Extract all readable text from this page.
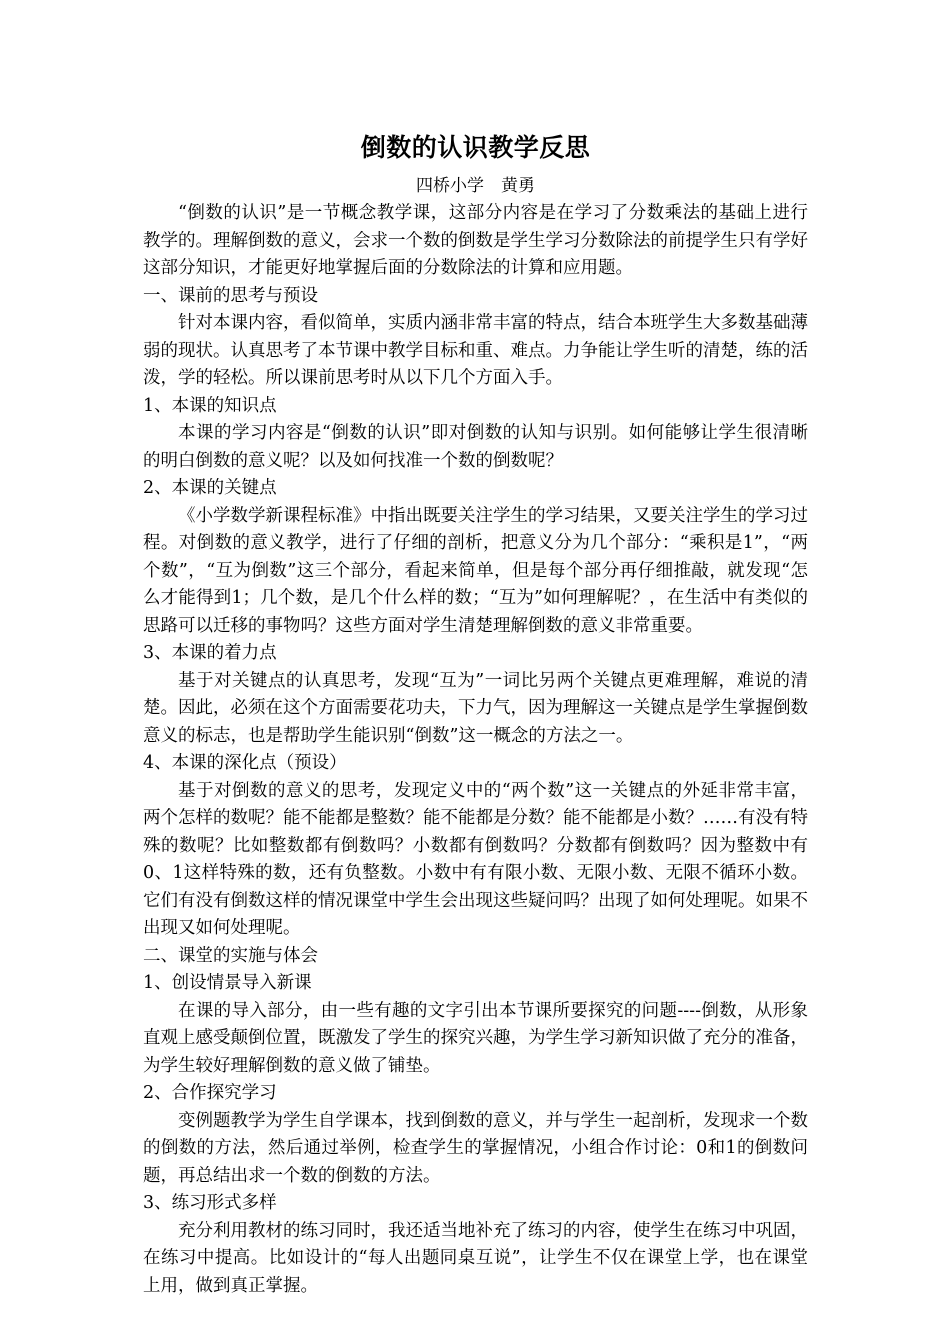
倒数的认识教学反思

四桥小学　黄勇

“倒数的认识”是一节概念教学课，这部分内容是在学习了分数乘法的基础上进行教学的。理解倒数的意义，会求一个数的倒数是学生学习分数除法的前提学生只有学好这部分知识，才能更好地掌握后面的分数除法的计算和应用题。

一、课前的思考与预设

针对本课内容，看似简单，实质内涵非常丰富的特点，结合本班学生大多数基础薄弱的现状。认真思考了本节课中教学目标和重、难点。力争能让学生听的清楚，练的活泼，学的轻松。所以课前思考时从以下几个方面入手。

1、本课的知识点

本课的学习内容是“倒数的认识”即对倒数的认知与识别。如何能够让学生很清晰的明白倒数的意义呢？以及如何找准一个数的倒数呢？

2、本课的关键点

《小学数学新课程标准》中指出既要关注学生的学习结果，又要关注学生的学习过程。对倒数的意义教学，进行了仔细的剖析，把意义分为几个部分：“乘积是1”，“两个数”，“互为倒数”这三个部分，看起来简单，但是每个部分再仔细推敲，就发现“怎么才能得到1；几个数，是几个什么样的数；“互为”如何理解呢？，在生活中有类似的思路可以迁移的事物吗？这些方面对学生清楚理解倒数的意义非常重要。

3、本课的着力点

基于对关键点的认真思考，发现“互为”一词比另两个关键点更难理解，难说的清楚。因此，必须在这个方面需要花功夫，下力气，因为理解这一关键点是学生掌握倒数意义的标志，也是帮助学生能识别“倒数”这一概念的方法之一。

4、本课的深化点（预设）

基于对倒数的意义的思考，发现定义中的“两个数”这一关键点的外延非常丰富，两个怎样的数呢？能不能都是整数？能不能都是分数？能不能都是小数？……有没有特殊的数呢？比如整数都有倒数吗？小数都有倒数吗？分数都有倒数吗？因为整数中有0、1这样特殊的数，还有负整数。小数中有有限小数、无限小数、无限不循环小数。它们有没有倒数这样的情况课堂中学生会出现这些疑问吗？出现了如何处理呢。如果不出现又如何处理呢。

二、课堂的实施与体会

1、创设情景导入新课

在课的导入部分，由一些有趣的文字引出本节课所要探究的问题----倒数，从形象直观上感受颠倒位置，既激发了学生的探究兴趣，为学生学习新知识做了充分的准备，为学生较好理解倒数的意义做了铺垫。

2、合作探究学习

变例题教学为学生自学课本，找到倒数的意义，并与学生一起剖析，发现求一个数的倒数的方法，然后通过举例，检查学生的掌握情况，小组合作讨论：0和1的倒数问题，再总结出求一个数的倒数的方法。

3、练习形式多样

充分利用教材的练习同时，我还适当地补充了练习的内容，使学生在练习中巩固，在练习中提高。比如设计的“每人出题同桌互说”，让学生不仅在课堂上学，也在课堂上用，做到真正掌握。
